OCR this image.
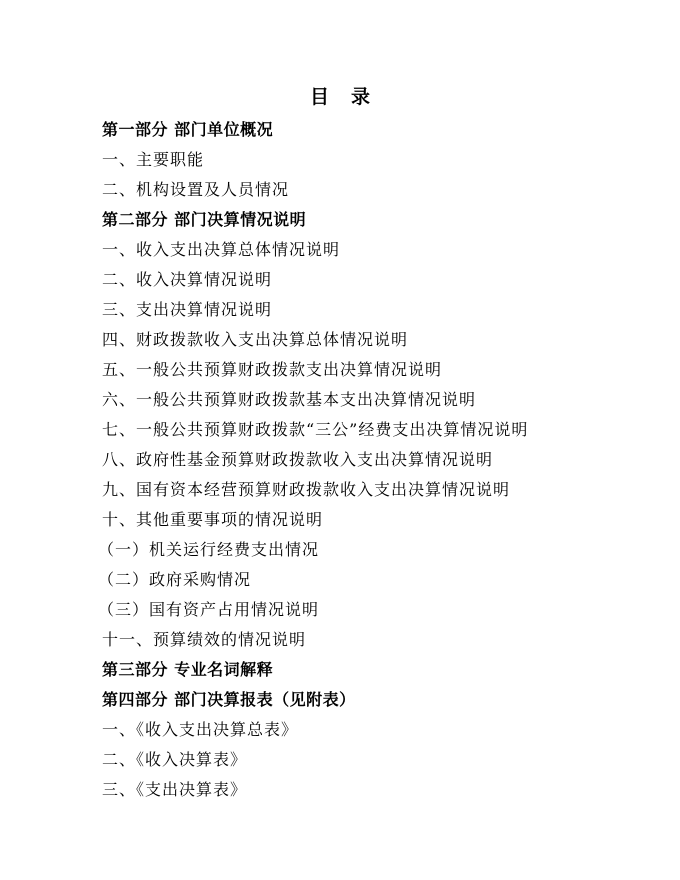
目 录
第一部分 部门单位概况
一、主要职能
二、机构设置及人员情况
第二部分 部门决算情况说明
一、收入支出决算总体情况说明
二、收入决算情况说明
三、支出决算情况说明
四、财政拨款收入支出决算总体情况说明
五、一般公共预算财政拨款支出决算情况说明
六、一般公共预算财政拨款基本支出决算情况说明
七、一般公共预算财政拨款“三公”经费支出决算情况说明
八、政府性基金预算财政拨款收入支出决算情况说明
九、国有资本经营预算财政拨款收入支出决算情况说明
十、其他重要事项的情况说明
（一）机关运行经费支出情况
（二）政府采购情况
（三）国有资产占用情况说明
十一、预算绩效的情况说明
第三部分 专业名词解释
第四部分 部门决算报表（见附表）
一、《收入支出决算总表》
二、《收入决算表》
三、《支出决算表》
